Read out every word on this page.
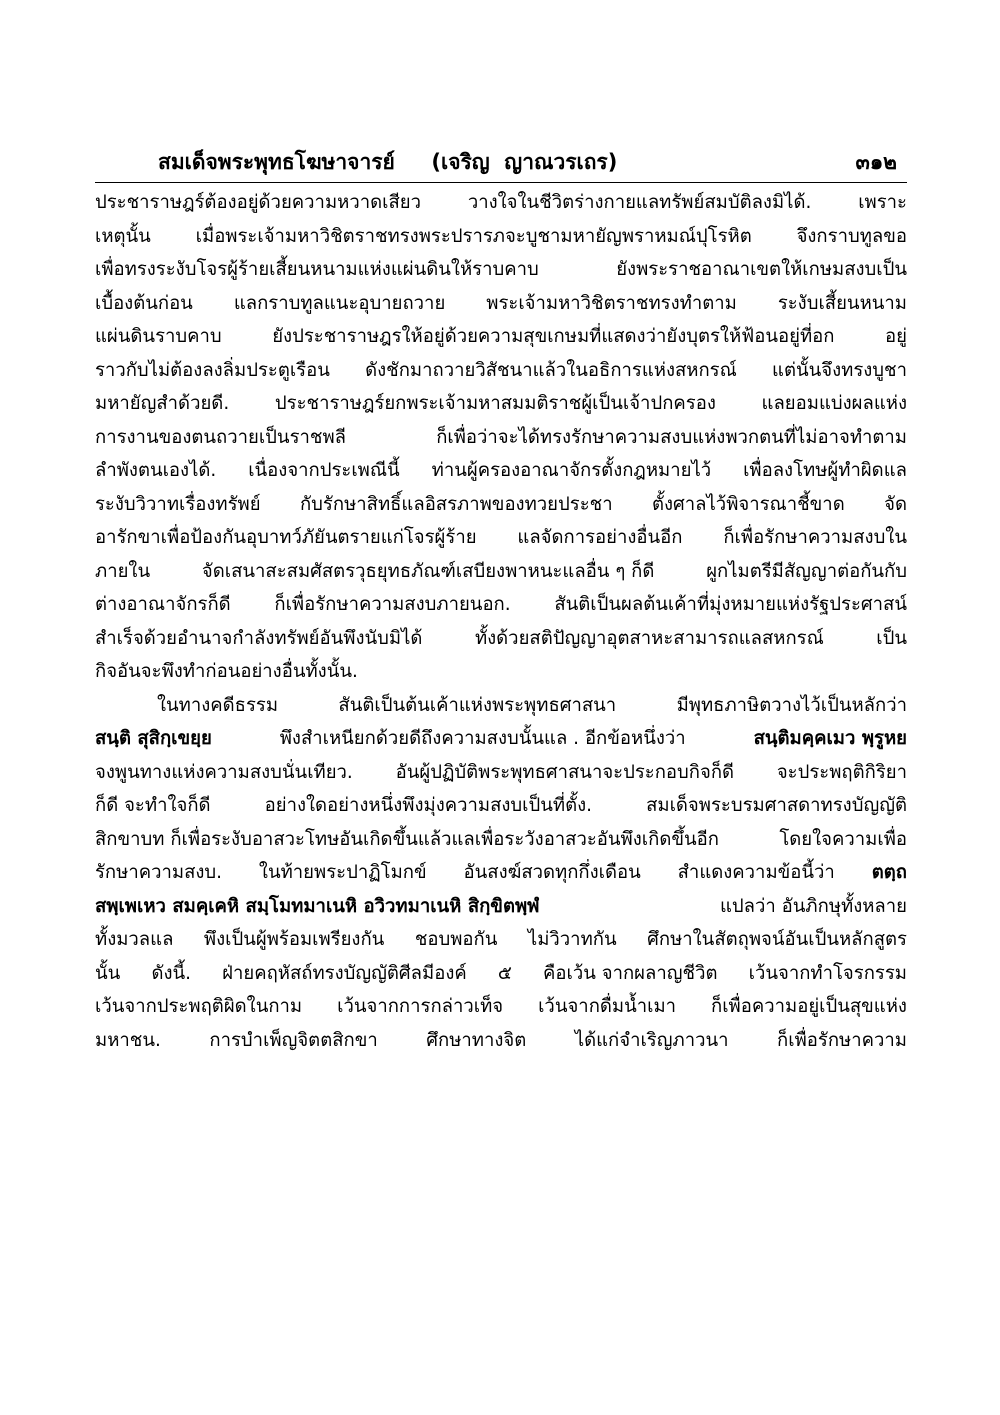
สมเด็จพระพุทธโฆษาจารย์     (เจริญ  ญาณวรเถร)	๓๑๒
ประชาราษฎร์ต้องอยู่ด้วยความหวาดเสียว	วางใจในชีวิตร่างกายแลทรัพย์สมบัติลงมิได้.	เพราะ
เหตุนั้น เมื่อพระเจ้ามหาวิชิตราชทรงพระปรารภจะบูชามหายัญพราหมณ์ปุโรหิต จึงกราบทูลขอ
เพื่อทรงระงับโจรผู้ร้ายเสี้ยนหนามแห่งแผ่นดินให้ราบคาบ	ยังพระราชอาณาเขตให้เกษมสงบเป็น
เบื้องต้นก่อน แลกราบทูลแนะอุบายถวาย พระเจ้ามหาวิชิตราชทรงทำตาม ระงับเสี้ยนหนาม
แผ่นดินราบคาบ	ยังประชาราษฎรให้อยู่ด้วยความสุขเกษมที่แสดงว่ายังบุตรให้ฟ้อนอยู่ที่อก	อยู่
ราวกับไม่ต้องลงลิ่มประตูเรือน ดังชักมาถวายวิสัชนาแล้วในอธิการแห่งสหกรณ์ แต่นั้นจึงทรงบูชา
มหายัญสำด้วยดี. ประชาราษฎร์ยกพระเจ้ามหาสมมติราชผู้เป็นเจ้าปกครอง แลยอมแบ่งผลแห่ง
การงานของตนถวายเป็นราชพลี	ก็เพื่อว่าจะได้ทรงรักษาความสงบแห่งพวกตนที่ไม่อาจทำตาม
ลำพังตนเองได้. เนื่องจากประเพณีนี้ ท่านผู้ครองอาณาจักรตั้งกฎหมายไว้ เพื่อลงโทษผู้ทำผิดแล
ระงับวิวาทเรื่องทรัพย์ กับรักษาสิทธิ์แลอิสรภาพของทวยประชา ตั้งศาลไว้พิจารณาชี้ขาด จัด
อารักขาเพื่อป้องกันอุบาทว์ภัยันตรายแก่โจรผู้ร้าย แลจัดการอย่างอื่นอีก ก็เพื่อรักษาความสงบใน
ภายใน	จัดเสนาสะสมศัสตรวุธยุทธภัณฑ์เสบียงพาหนะแลอื่น ๆ ก็ดี	ผูกไมตรีมีสัญญาต่อกันกับ
ต่างอาณาจักรก็ดี ก็เพื่อรักษาความสงบภายนอก. สันติเป็นผลต้นเค้าที่มุ่งหมายแห่งรัฐประศาสน์
สำเร็จด้วยอำนาจกำลังทรัพย์อันพึงนับมิได้	ทั้งด้วยสติปัญญาอุตสาหะสามารถแลสหกรณ์	เป็น
กิจอันจะพึงทำก่อนอย่างอื่นทั้งนั้น.
ในทางคดีธรรม	สันติเป็นต้นเค้าแห่งพระพุทธศาสนา	มีพุทธภาษิตวางไว้เป็นหลักว่า
สนฺติ สุสิกฺเขยฺย	พึงสำเหนียกด้วยดีถึงความสงบนั้นแล . อีกข้อหนึ่งว่า	สนฺติมคฺคเมว พฺรูหย
จงพูนทางแห่งความสงบนั่นเทียว. อันผู้ปฏิบัติพระพุทธศาสนาจะประกอบกิจก็ดี จะประพฤติกิริยา
ก็ดี จะทำใจก็ดี	อย่างใดอย่างหนึ่งพึงมุ่งความสงบเป็นที่ตั้ง.	สมเด็จพระบรมศาสดาทรงบัญญัติ
สิกขาบท ก็เพื่อระงับอาสวะโทษอันเกิดขึ้นแล้วแลเพื่อระวังอาสวะอันพึงเกิดขึ้นอีก	โดยใจความเพื่อ
รักษาความสงบ. ในท้ายพระปาฏิโมกข์ อันสงฆ์สวดทุกกึ่งเดือน สำแดงความข้อนี้ว่า ตตฺถ
สพฺเพเหว สมคฺเคหิ สมฺโมทมาเนหิ อวิวทมาเนหิ สิกฺขิตพฺพํ	แปลว่า อันภิกษุทั้งหลาย
ทั้งมวลแล พึงเป็นผู้พร้อมเพรียงกัน ชอบพอกัน ไม่วิวาทกัน ศึกษาในสัตถุพจน์อันเป็นหลักสูตร
นั้น ดังนี้. ฝ่ายคฤหัสถ์ทรงบัญญัติศีลมีองค์ ๕ คือเว้น จากผลาญชีวิต เว้นจากทำโจรกรรม
เว้นจากประพฤติผิดในกาม เว้นจากการกล่าวเท็จ เว้นจากดื่มน้ำเมา ก็เพื่อความอยู่เป็นสุขแห่ง
มหาชน.	การบำเพ็ญจิตตสิกขา	ศึกษาทางจิต	ได้แก่จำเริญภาวนา	ก็เพื่อรักษาความ
